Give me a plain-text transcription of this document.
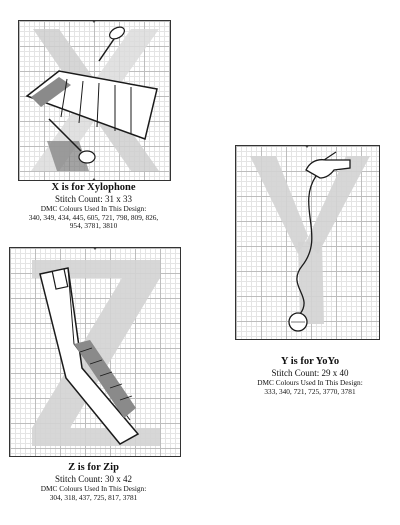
X is for Xylophone
Stitch Count: 31 x 33
DMC Colours Used In This Design:
340, 349, 434, 445, 605, 721, 798, 809, 826,
954, 3781, 3810
Y is for YoYo
Stitch Count: 29 x 40
DMC Colours Used In This Design:
333, 340, 721, 725, 3770, 3781
Z is for Zip
Stitch Count: 30 x 42
DMC Colours Used In This Design:
304, 318, 437, 725, 817, 3781
